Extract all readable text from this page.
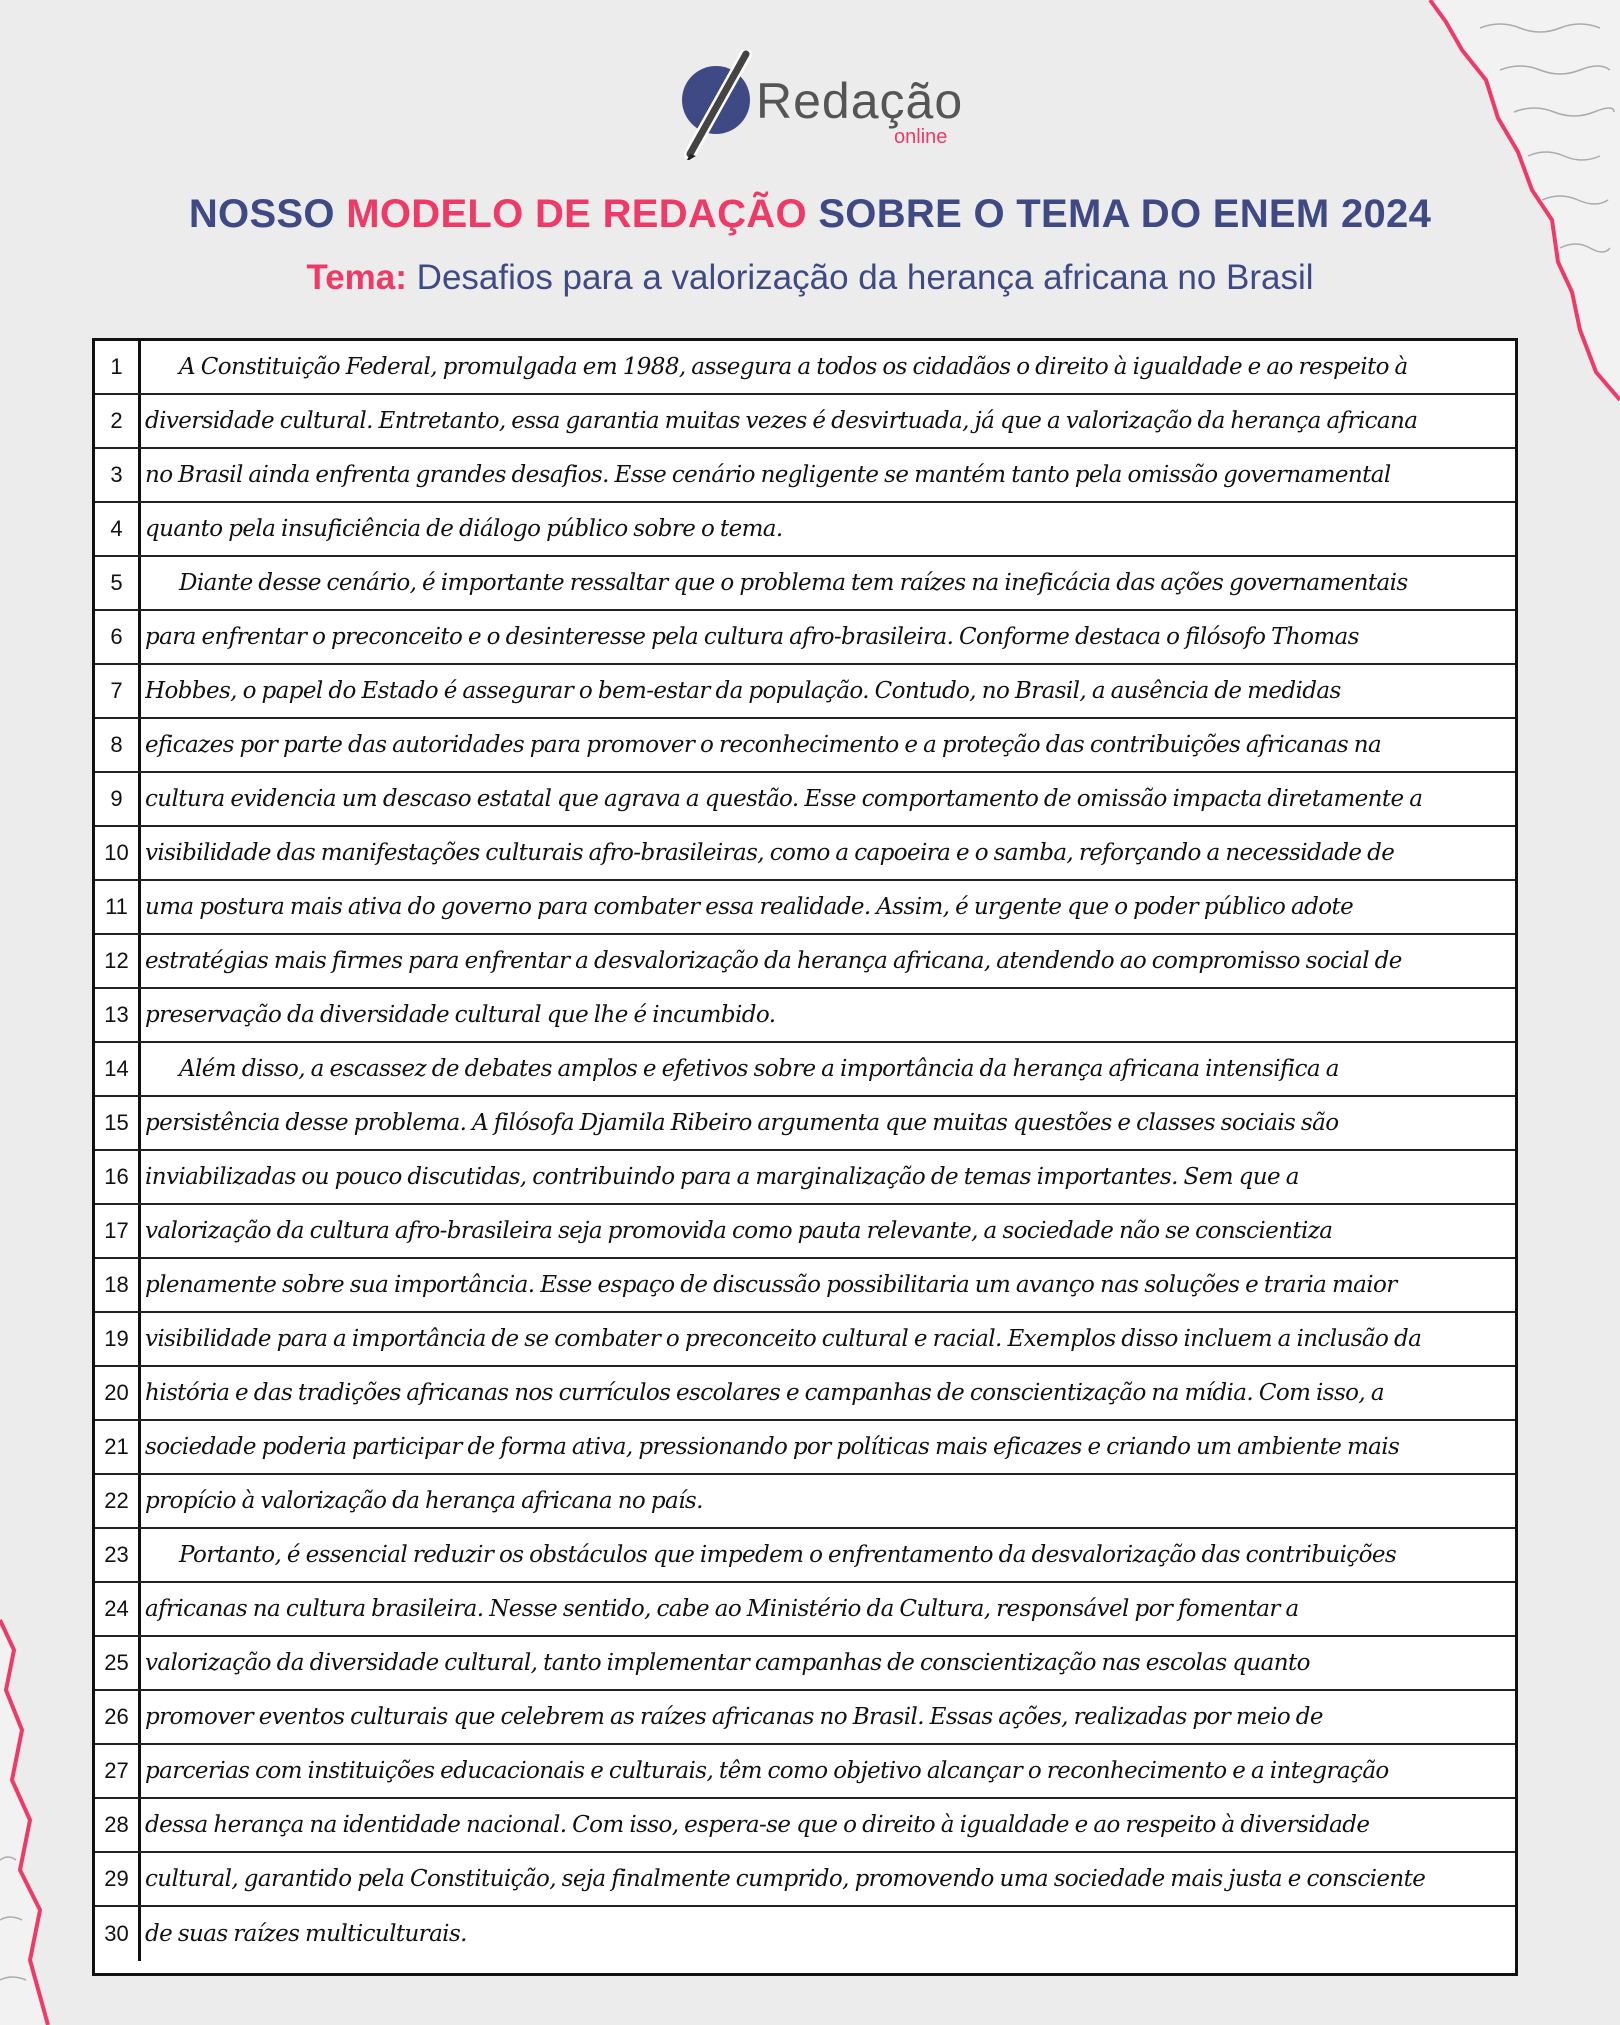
Redação
online
NOSSO MODELO DE REDAÇÃO SOBRE O TEMA DO ENEM 2024
Tema: Desafios para a valorização da herança africana no Brasil
1	A Constituição Federal, promulgada em 1988, assegura a todos os cidadãos o direito à igualdade e ao respeito à
2 diversidade cultural. Entretanto, essa garantia muitas vezes é desvirtuada, já que a valorização da herança africana
3 no Brasil ainda enfrenta grandes desafios. Esse cenário negligente se mantém tanto pela omissão governamental
4 quanto pela insuficiência de diálogo público sobre o tema.
5	Diante desse cenário, é importante ressaltar que o problema tem raízes na ineficácia das ações governamentais
6 para enfrentar o preconceito e o desinteresse pela cultura afro-brasileira. Conforme destaca o filósofo Thomas
7 Hobbes, o papel do Estado é assegurar o bem-estar da população. Contudo, no Brasil, a ausência de medidas
8 eficazes por parte das autoridades para promover o reconhecimento e a proteção das contribuições africanas na
9 cultura evidencia um descaso estatal que agrava a questão. Esse comportamento de omissão impacta diretamente a
10 visibilidade das manifestações culturais afro-brasileiras, como a capoeira e o samba, reforçando a necessidade de
11 uma postura mais ativa do governo para combater essa realidade. Assim, é urgente que o poder público adote
12 estratégias mais firmes para enfrentar a desvalorização da herança africana, atendendo ao compromisso social de
13 preservação da diversidade cultural que lhe é incumbido.
14	Além disso, a escassez de debates amplos e efetivos sobre a importância da herança africana intensifica a
15 persistência desse problema. A filósofa Djamila Ribeiro argumenta que muitas questões e classes sociais são
16 inviabilizadas ou pouco discutidas, contribuindo para a marginalização de temas importantes. Sem que a
17 valorização da cultura afro-brasileira seja promovida como pauta relevante, a sociedade não se conscientiza
18 plenamente sobre sua importância. Esse espaço de discussão possibilitaria um avanço nas soluções e traria maior
19 visibilidade para a importância de se combater o preconceito cultural e racial. Exemplos disso incluem a inclusão da
20 história e das tradições africanas nos currículos escolares e campanhas de conscientização na mídia. Com isso, a
21 sociedade poderia participar de forma ativa, pressionando por políticas mais eficazes e criando um ambiente mais
22 propício à valorização da herança africana no país.
23	Portanto, é essencial reduzir os obstáculos que impedem o enfrentamento da desvalorização das contribuições
24 africanas na cultura brasileira. Nesse sentido, cabe ao Ministério da Cultura, responsável por fomentar a
25 valorização da diversidade cultural, tanto implementar campanhas de conscientização nas escolas quanto
26 promover eventos culturais que celebrem as raízes africanas no Brasil. Essas ações, realizadas por meio de
27 parcerias com instituições educacionais e culturais, têm como objetivo alcançar o reconhecimento e a integração
28 dessa herança na identidade nacional. Com isso, espera-se que o direito à igualdade e ao respeito à diversidade
29 cultural, garantido pela Constituição, seja finalmente cumprido, promovendo uma sociedade mais justa e consciente
30 de suas raízes multiculturais.
